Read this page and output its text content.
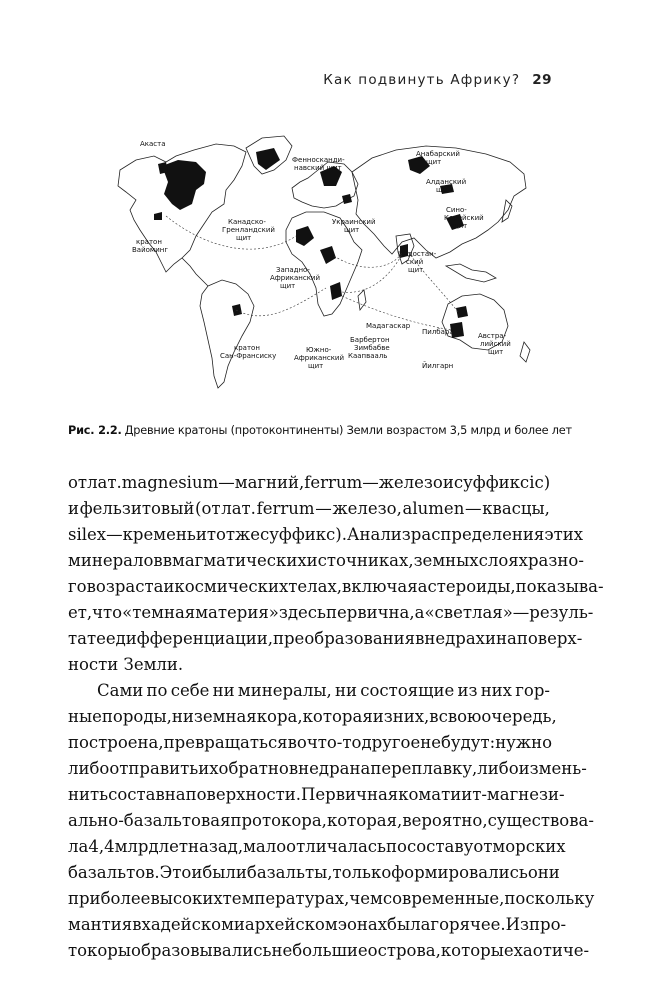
Как подвинуть Африку? 29
Акаста
Феннoсканди-
навский щит
Анабарский
щит
Алданский
щит
Сино-
Корейский
щит
Канадско-
Гренландский
щит
Украинский
щит
кратон
Вайоминг
Западно-
Африканский
щит
Индостан-
ский
щит
Мадагаскар
Пилбара	Австра-
лийский
щит
кратон
Сан-Франсиску
Южно-
Африканский
щит
Барбертон
Зимбабве
Каапвааль
Йилгарн
Рис. 2.2. Древние кратоны (протоконтиненты) Земли возрастом 3,5 млрд и более лет
от лат. magnesium — магний, ferrum — железо и суффикс ic)
и фельзитовый (от лат. ferrum — железо, alumen — квасцы,
silex — кремень и тот же суффикс). Анализ распределения этих
минералов в магматических источниках, земных слоях разно-
го возраста и космических телах, включая астероиды, показыва-
ет, что «темная материя» здесь первична, а «светлая» — резуль-
тат ее дифференциации, преобразования в недрах и на поверх-
ности Земли.
Сами по себе ни минералы, ни состоящие из них гор-
ные породы, ни земная кора, которая из них, в свою очередь,
построена, превращаться во что-то другое не будут: нужно
либо отправить их обратно в недра на переплавку, либо измень-
нить состав на поверхности. Первичная коматиит-магнези-
ально-базальтовая протокора, которая, вероятно, существова-
ла 4,4 млрд лет назад, мало отличалась по составу от морских
базальтов. Это и были базальты, только формировались они
при более высоких температурах, чем современные, поскольку
мантия в хадейском и архейском эонах была горячее. Из про-
токоры образовывались небольшие острова, которые хаотиче-
